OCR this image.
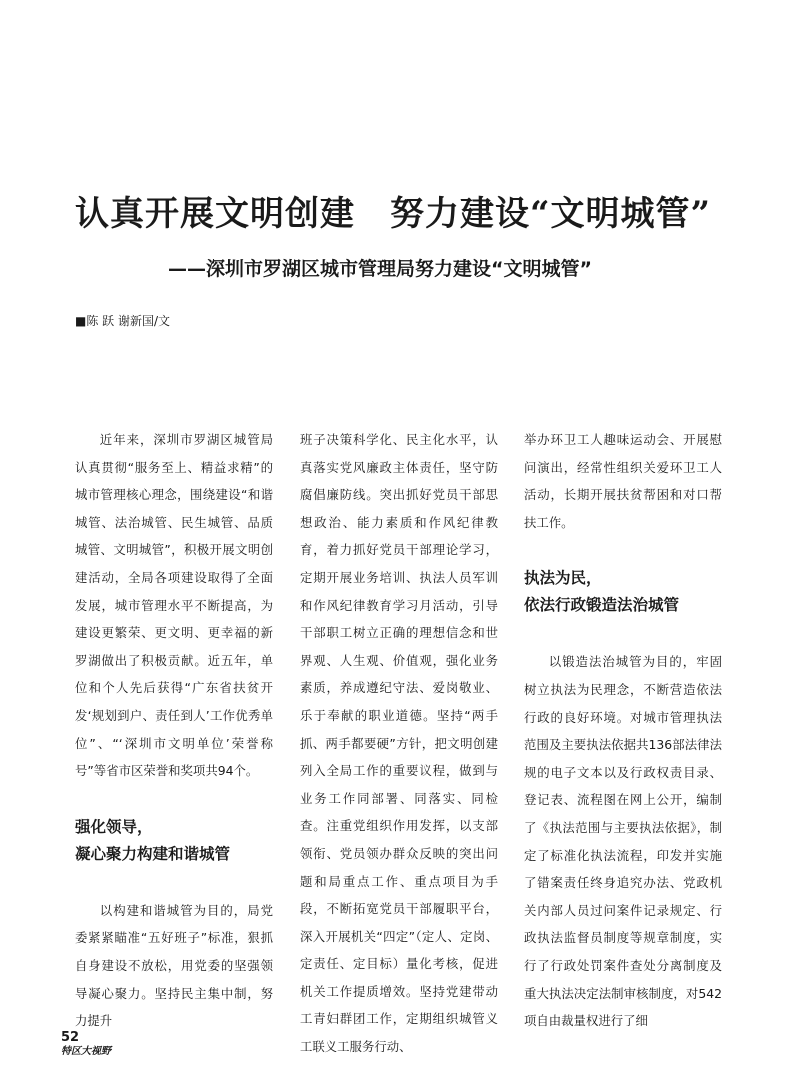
认真开展文明创建　努力建设“文明城管”
——深圳市罗湖区城市管理局努力建设“文明城管”
■陈 跃 谢新国/文

近年来，深圳市罗湖区城管局认真贯彻“服务至上、精益求精”的城市管理核心理念，围绕建设“和谐城管、法治城管、民生城管、品质城管、文明城管”，积极开展文明创建活动，全局各项建设取得了全面发展，城市管理水平不断提高，为建设更繁荣、更文明、更幸福的新罗湖做出了积极贡献。近五年，单位和个人先后获得“广东省扶贫开发‘规划到户、责任到人’工作优秀单位”、“‘深圳市文明单位’荣誉称号”等省市区荣誉和奖项共94个。

强化领导，

凝心聚力构建和谐城管

以构建和谐城管为目的，局党委紧紧瞄准“五好班子”标准，狠抓自身建设不放松，用党委的坚强领导凝心聚力。坚持民主集中制，努力提升

班子决策科学化、民主化水平，认真落实党风廉政主体责任，坚守防腐倡廉防线。突出抓好党员干部思想政治、能力素质和作风纪律教育，着力抓好党员干部理论学习，定期开展业务培训、执法人员军训和作风纪律教育学习月活动，引导干部职工树立正确的理想信念和世界观、人生观、价值观，强化业务素质，养成遵纪守法、爱岗敬业、乐于奉献的职业道德。坚持“两手抓、两手都要硬”方针，把文明创建列入全局工作的重要议程，做到与业务工作同部署、同落实、同检查。注重党组织作用发挥，以支部领衔、党员领办群众反映的突出问题和局重点工作、重点项目为手段，不断拓宽党员干部履职平台，深入开展机关“四定”（定人、定岗、定责任、定目标）量化考核，促进机关工作提质增效。坚持党建带动工青妇群团工作，定期组织城管义工联义工服务行动、

举办环卫工人趣味运动会、开展慰问演出，经常性组织关爱环卫工人活动，长期开展扶贫帮困和对口帮扶工作。

执法为民，

依法行政锻造法治城管

以锻造法治城管为目的，牢固树立执法为民理念，不断营造依法行政的良好环境。对城市管理执法范围及主要执法依据共136部法律法规的电子文本以及行政权责目录、登记表、流程图在网上公开，编制了《执法范围与主要执法依据》，制定了标准化执法流程，印发并实施了错案责任终身追究办法、党政机关内部人员过问案件记录规定、行政执法监督员制度等规章制度，实行了行政处罚案件查处分离制度及重大执法决定法制审核制度，对542项自由裁量权进行了细

52
特区大视野
